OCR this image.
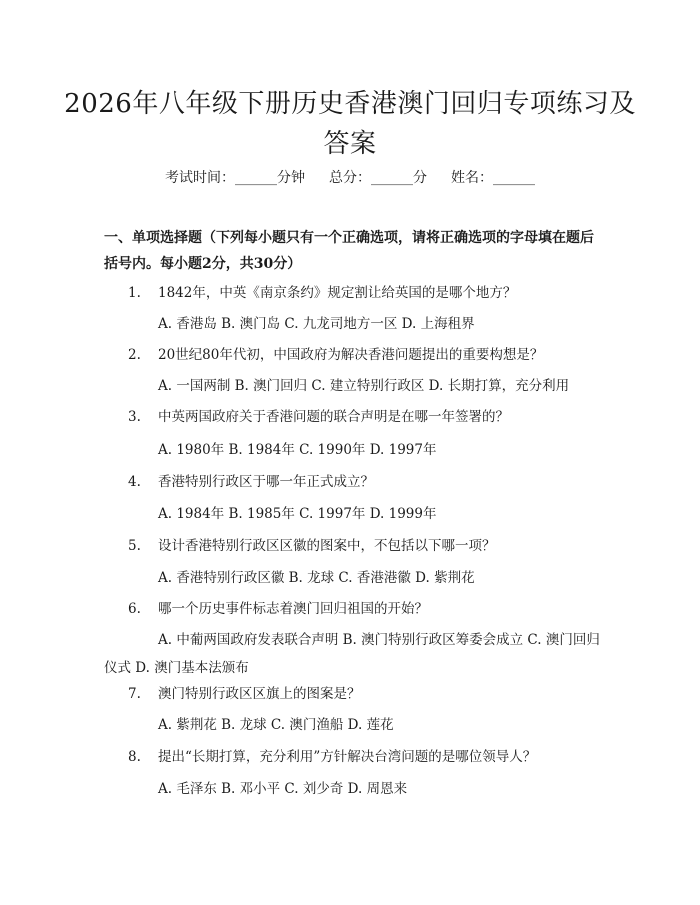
2026年八年级下册历史香港澳门回归专项练习及答案
考试时间：______分钟 总分：______分 姓名：______
一、单项选择题（下列每小题只有一个正确选项，请将正确选项的字母填在题后括号内。每小题2分，共30分）
1. 1842年，中英《南京条约》规定割让给英国的是哪个地方？
A. 香港岛 B. 澳门岛 C. 九龙司地方一区 D. 上海租界
2. 20世纪80年代初，中国政府为解决香港问题提出的重要构想是？
A. 一国两制 B. 澳门回归 C. 建立特别行政区 D. 长期打算，充分利用
3. 中英两国政府关于香港问题的联合声明是在哪一年签署的？
A. 1980年 B. 1984年 C. 1990年 D. 1997年
4. 香港特别行政区于哪一年正式成立？
A. 1984年 B. 1985年 C. 1997年 D. 1999年
5. 设计香港特别行政区区徽的图案中，不包括以下哪一项？
A. 香港特别行政区徽 B. 龙球 C. 香港港徽 D. 紫荆花
6. 哪一个历史事件标志着澳门回归祖国的开始？
A. 中葡两国政府发表联合声明 B. 澳门特别行政区筹委会成立 C. 澳门回归仪式 D. 澳门基本法颁布
7. 澳门特别行政区区旗上的图案是？
A. 紫荆花 B. 龙球 C. 澳门渔船 D. 莲花
8. 提出“长期打算，充分利用”方针解决台湾问题的是哪位领导人？
A. 毛泽东 B. 邓小平 C. 刘少奇 D. 周恩来
